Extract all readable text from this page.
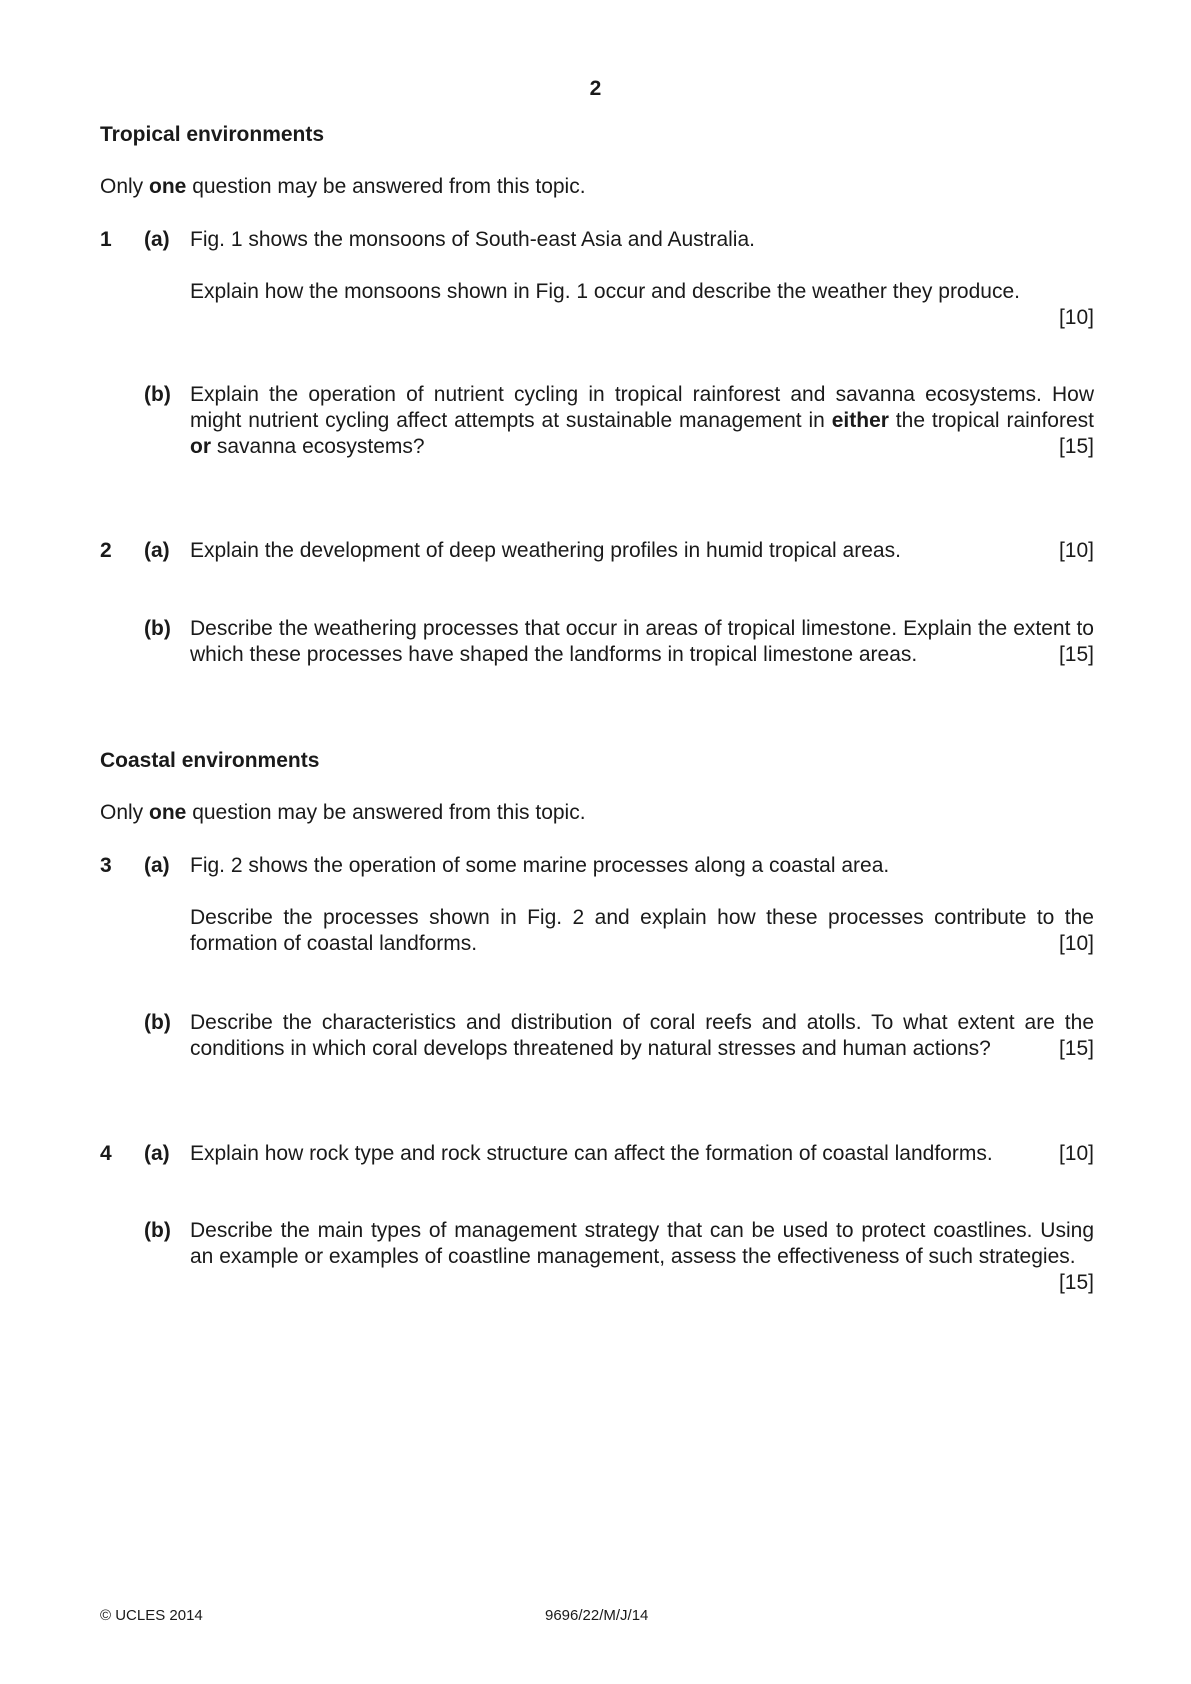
2
Tropical environments
Only one question may be answered from this topic.
1 (a) Fig. 1 shows the monsoons of South-east Asia and Australia.
Explain how the monsoons shown in Fig. 1 occur and describe the weather they produce.
[10]
(b) Explain the operation of nutrient cycling in tropical rainforest and savanna ecosystems. How might nutrient cycling affect attempts at sustainable management in either the tropical rainforest or savanna ecosystems?	[15]
2 (a) Explain the development of deep weathering profiles in humid tropical areas.	[10]
(b) Describe the weathering processes that occur in areas of tropical limestone. Explain the extent to which these processes have shaped the landforms in tropical limestone areas.	[15]
Coastal environments
Only one question may be answered from this topic.
3 (a) Fig. 2 shows the operation of some marine processes along a coastal area.
Describe the processes shown in Fig. 2 and explain how these processes contribute to the formation of coastal landforms.	[10]
(b) Describe the characteristics and distribution of coral reefs and atolls. To what extent are the conditions in which coral develops threatened by natural stresses and human actions?	[15]
4 (a) Explain how rock type and rock structure can affect the formation of coastal landforms.	[10]
(b) Describe the main types of management strategy that can be used to protect coastlines. Using an example or examples of coastline management, assess the effectiveness of such strategies.
[15]
© UCLES 2014	9696/22/M/J/14
